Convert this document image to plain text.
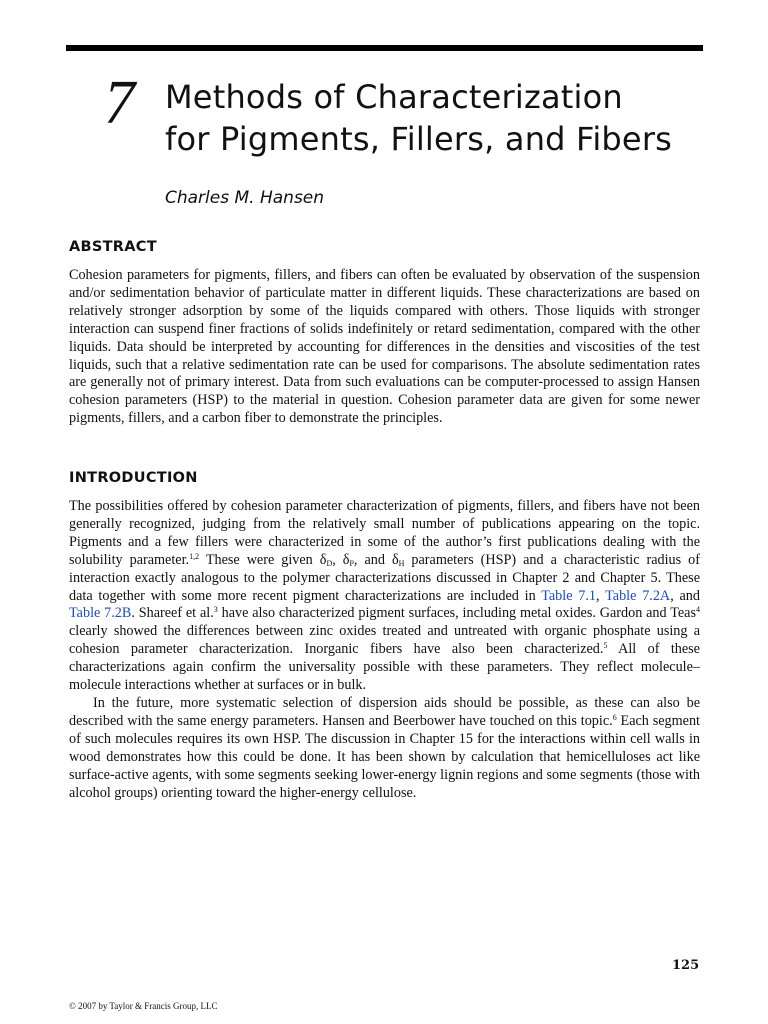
7 Methods of Characterization
for Pigments, Fillers, and Fibers
Charles M. Hansen
ABSTRACT
Cohesion parameters for pigments, fillers, and fibers can often be evaluated by observation of the suspension and/or sedimentation behavior of particulate matter in different liquids. These characterizations are based on relatively stronger adsorption by some of the liquids compared with others. Those liquids with stronger interaction can suspend finer fractions of solids indefinitely or retard sedimentation, compared with the other liquids. Data should be interpreted by accounting for differences in the densities and viscosities of the test liquids, such that a relative sedimentation rate can be used for comparisons. The absolute sedimentation rates are generally not of primary interest. Data from such evaluations can be computer-processed to assign Hansen cohesion parameters (HSP) to the material in question. Cohesion parameter data are given for some newer pigments, fillers, and a carbon fiber to demonstrate the principles.
INTRODUCTION

The possibilities offered by cohesion parameter characterization of pigments, fillers, and fibers have not been generally recognized, judging from the relatively small number of publications appearing on the topic. Pigments and a few fillers were characterized in some of the author’s first publications dealing with the solubility parameter.$^{1,2}$ These were given $\delta_D$, $\delta_P$, and $\delta_H$ parameters (HSP) and a characteristic radius of interaction exactly analogous to the polymer characterizations discussed in Chapter 2 and Chapter 5. These data together with some more recent pigment characterizations are included in Table 7.1, Table 7.2A, and Table 7.2B. Shareef et al.$^3$ have also characterized pigment surfaces, including metal oxides. Gardon and Teas$^4$ clearly showed the differences between zinc oxides treated and untreated with organic phosphate using a cohesion parameter characterization. Inorganic fibers have also been characterized.$^5$ All of these characterizations again confirm the universality possible with these parameters. They reflect molecule–molecule interactions whether at surfaces or in bulk.

In the future, more systematic selection of dispersion aids should be possible, as these can also be described with the same energy parameters. Hansen and Beerbower have touched on this topic.$^6$ Each segment of such molecules requires its own HSP. The discussion in Chapter 15 for the interactions within cell walls in wood demonstrates how this could be done. It has been shown by calculation that hemicelluloses act like surface-active agents, with some segments seeking lower-energy lignin regions and some segments (those with alcohol groups) orienting toward the higher-energy cellulose.

125
© 2007 by Taylor & Francis Group, LLC
